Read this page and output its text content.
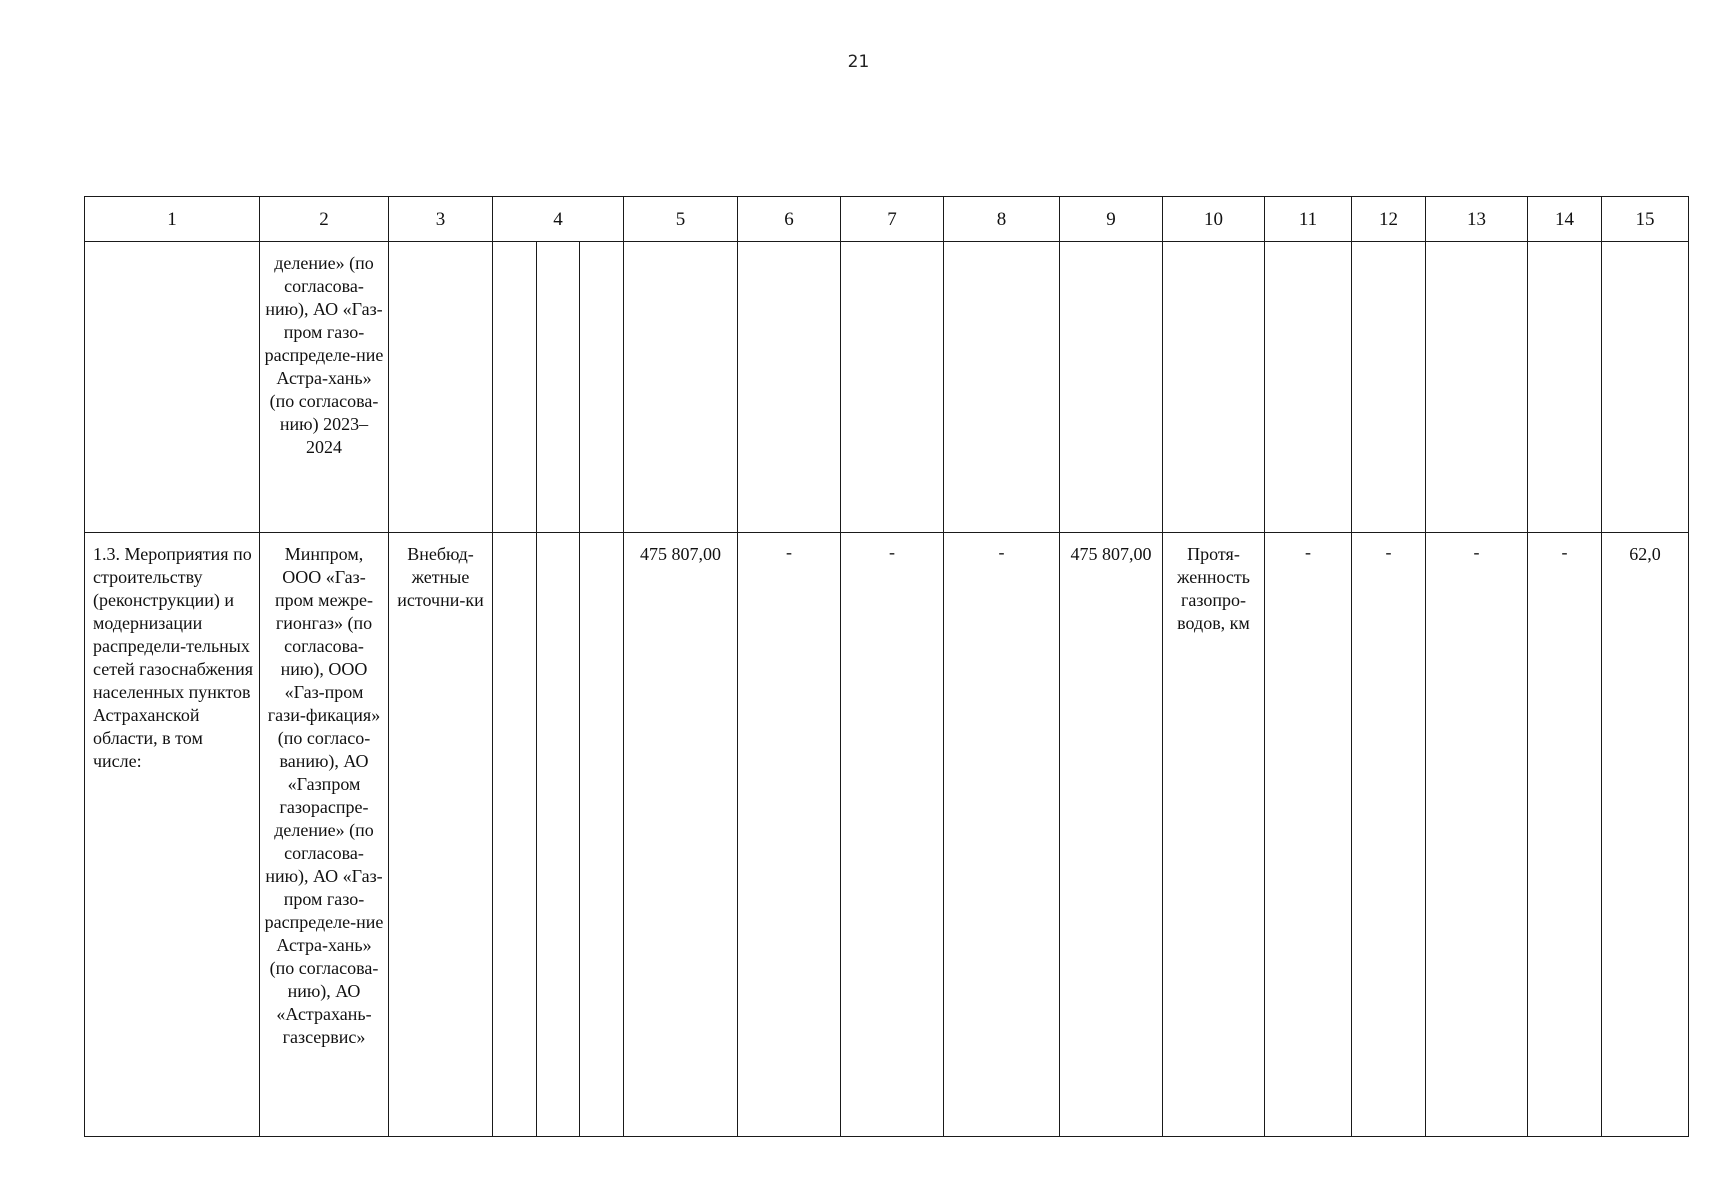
21
1	2	3	4	5	6	7	8	9	10	11	12	13	14	15

	деление» (по согласова-нию), АО «Газ-пром газо-распределе-ние Астра-хань» (по согласова-нию) 2023–2024													

1.3. Мероприятия по строительству (реконструкции) и модернизации распредели-тельных сетей газоснабжения населенных пунктов Астраханской области, в том числе:	Минпром, ООО «Газ-пром межре-гионгаз» (по согласова-нию), ООО «Газ-пром гази-фикация» (по согласо-ванию), АО «Газпром газораспре-деление» (по согласова-нию), АО «Газ-пром газо-распределе-ние Астра-хань» (по согласова-нию), АО «Астрахань-газсервис»	Внебюд-жетные источни-ки		475 807,00	-	-	-	475 807,00	Протя-женность газопро-водов, км	-	-	-	-	62,0
